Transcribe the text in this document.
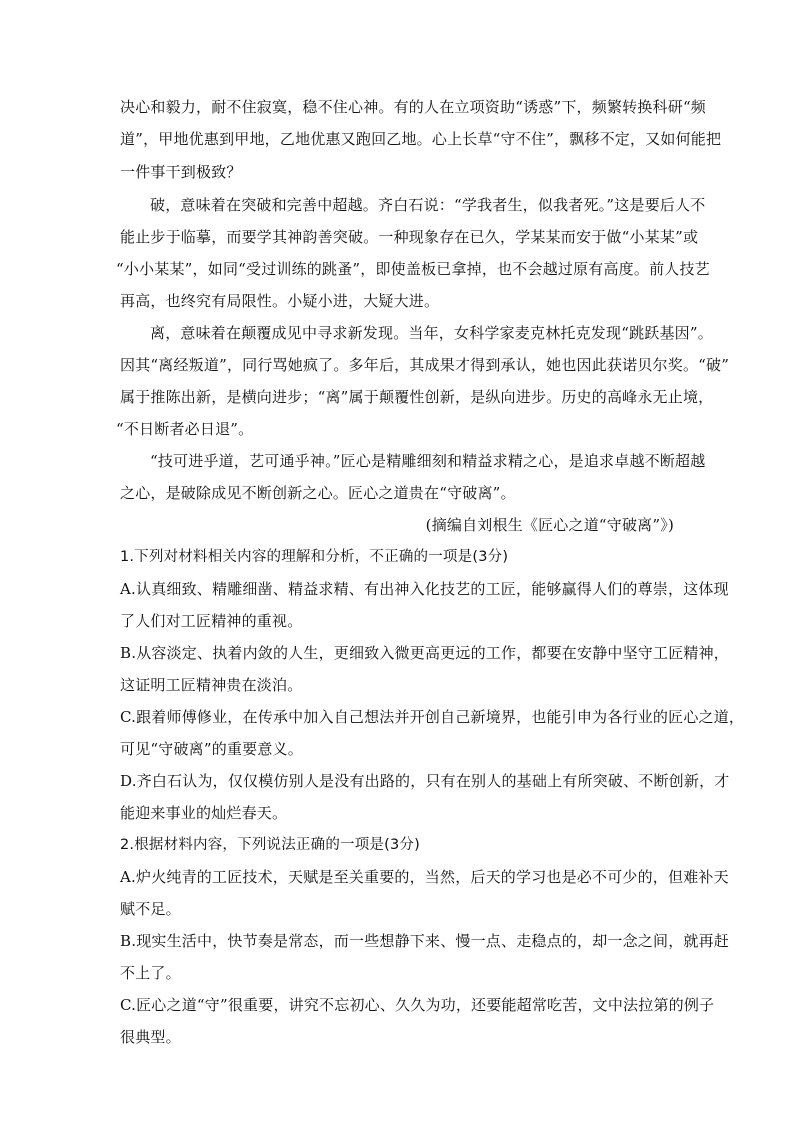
决心和毅力，耐不住寂寞，稳不住心神。有的人在立项资助“诱惑”下，频繁转换科研“频
道”，甲地优惠到甲地，乙地优惠又跑回乙地。心上长草“守不住”，飘移不定，又如何能把
一件事干到极致？
破，意味着在突破和完善中超越。齐白石说：“学我者生，似我者死。”这是要后人不
能止步于临摹，而要学其神韵善突破。一种现象存在已久，学某某而安于做“小某某”或
“小小某某”，如同“受过训练的跳蚤”，即使盖板已拿掉，也不会越过原有高度。前人技艺
再高，也终究有局限性。小疑小进，大疑大进。
离，意味着在颠覆成见中寻求新发现。当年，女科学家麦克林托克发现“跳跃基因”。
因其“离经叛道”，同行骂她疯了。多年后，其成果才得到承认，她也因此获诺贝尔奖。“破”
属于推陈出新，是横向进步；“离”属于颠覆性创新，是纵向进步。历史的高峰永无止境，
“不日断者必日退”。
“技可进乎道，艺可通乎神。”匠心是精雕细刻和精益求精之心，是追求卓越不断超越
之心，是破除成见不断创新之心。匠心之道贵在“守破离”。
(摘编自刘根生《匠心之道“守破离”》)
1.下列对材料相关内容的理解和分析，不正确的一项是(3分)
A.认真细致、精雕细凿、精益求精、有出神入化技艺的工匠，能够赢得人们的尊崇，这体现
了人们对工匠精神的重视。
B.从容淡定、执着内敛的人生，更细致入微更高更远的工作，都要在安静中坚守工匠精神，
这证明工匠精神贵在淡泊。
C.跟着师傅修业，在传承中加入自己想法并开创自己新境界，也能引申为各行业的匠心之道，
可见“守破离”的重要意义。
D.齐白石认为，仅仅模仿别人是没有出路的，只有在别人的基础上有所突破、不断创新，才
能迎来事业的灿烂春天。
2.根据材料内容，下列说法正确的一项是(3分)
A.炉火纯青的工匠技术，天赋是至关重要的，当然，后天的学习也是必不可少的，但难补天
赋不足。
B.现实生活中，快节奏是常态，而一些想静下来、慢一点、走稳点的，却一念之间，就再赶
不上了。
C.匠心之道“守”很重要，讲究不忘初心、久久为功，还要能超常吃苦，文中法拉第的例子
很典型。
